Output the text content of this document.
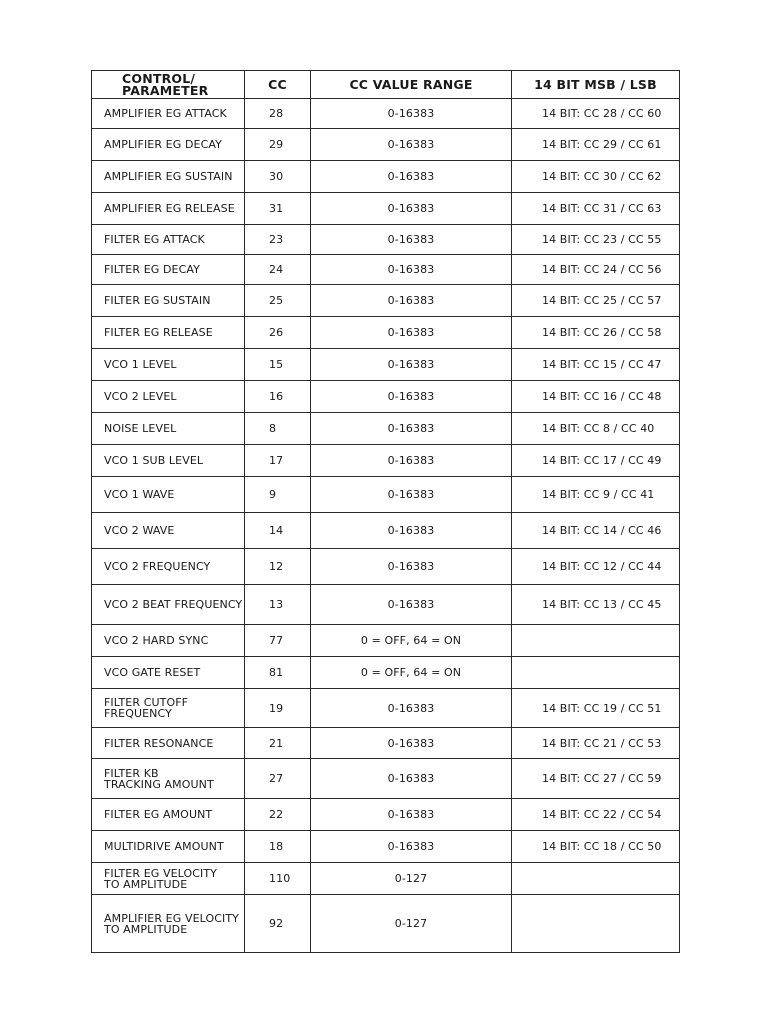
CONTROL/
PARAMETER	CC	CC VALUE RANGE	14 BIT MSB / LSB
AMPLIFIER EG ATTACK	28	0-16383	14 BIT: CC 28 / CC 60
AMPLIFIER EG DECAY	29	0-16383	14 BIT: CC 29 / CC 61
AMPLIFIER EG SUSTAIN	30	0-16383	14 BIT: CC 30 / CC 62
AMPLIFIER EG RELEASE	31	0-16383	14 BIT: CC 31 / CC 63
FILTER EG ATTACK	23	0-16383	14 BIT: CC 23 / CC 55
FILTER EG DECAY	24	0-16383	14 BIT: CC 24 / CC 56
FILTER EG SUSTAIN	25	0-16383	14 BIT: CC 25 / CC 57
FILTER EG RELEASE	26	0-16383	14 BIT: CC 26 / CC 58
VCO 1 LEVEL	15	0-16383	14 BIT: CC 15 / CC 47
VCO 2 LEVEL	16	0-16383	14 BIT: CC 16 / CC 48
NOISE LEVEL	8	0-16383	14 BIT: CC 8 / CC 40
VCO 1 SUB LEVEL	17	0-16383	14 BIT: CC 17 / CC 49
VCO 1 WAVE	9	0-16383	14 BIT: CC 9 / CC 41
VCO 2 WAVE	14	0-16383	14 BIT: CC 14 / CC 46
VCO 2 FREQUENCY	12	0-16383	14 BIT: CC 12 / CC 44
VCO 2 BEAT FREQUENCY	13	0-16383	14 BIT: CC 13 / CC 45
VCO 2 HARD SYNC	77	0 = OFF, 64 = ON	
VCO GATE RESET	81	0 = OFF, 64 = ON	
FILTER CUTOFF
FREQUENCY	19	0-16383	14 BIT: CC 19 / CC 51
FILTER RESONANCE	21	0-16383	14 BIT: CC 21 / CC 53
FILTER KB
TRACKING AMOUNT	27	0-16383	14 BIT: CC 27 / CC 59
FILTER EG AMOUNT	22	0-16383	14 BIT: CC 22 / CC 54
MULTIDRIVE AMOUNT	18	0-16383	14 BIT: CC 18 / CC 50
FILTER EG VELOCITY
TO AMPLITUDE	110	0-127	
AMPLIFIER EG VELOCITY
TO AMPLITUDE	92	0-127	
